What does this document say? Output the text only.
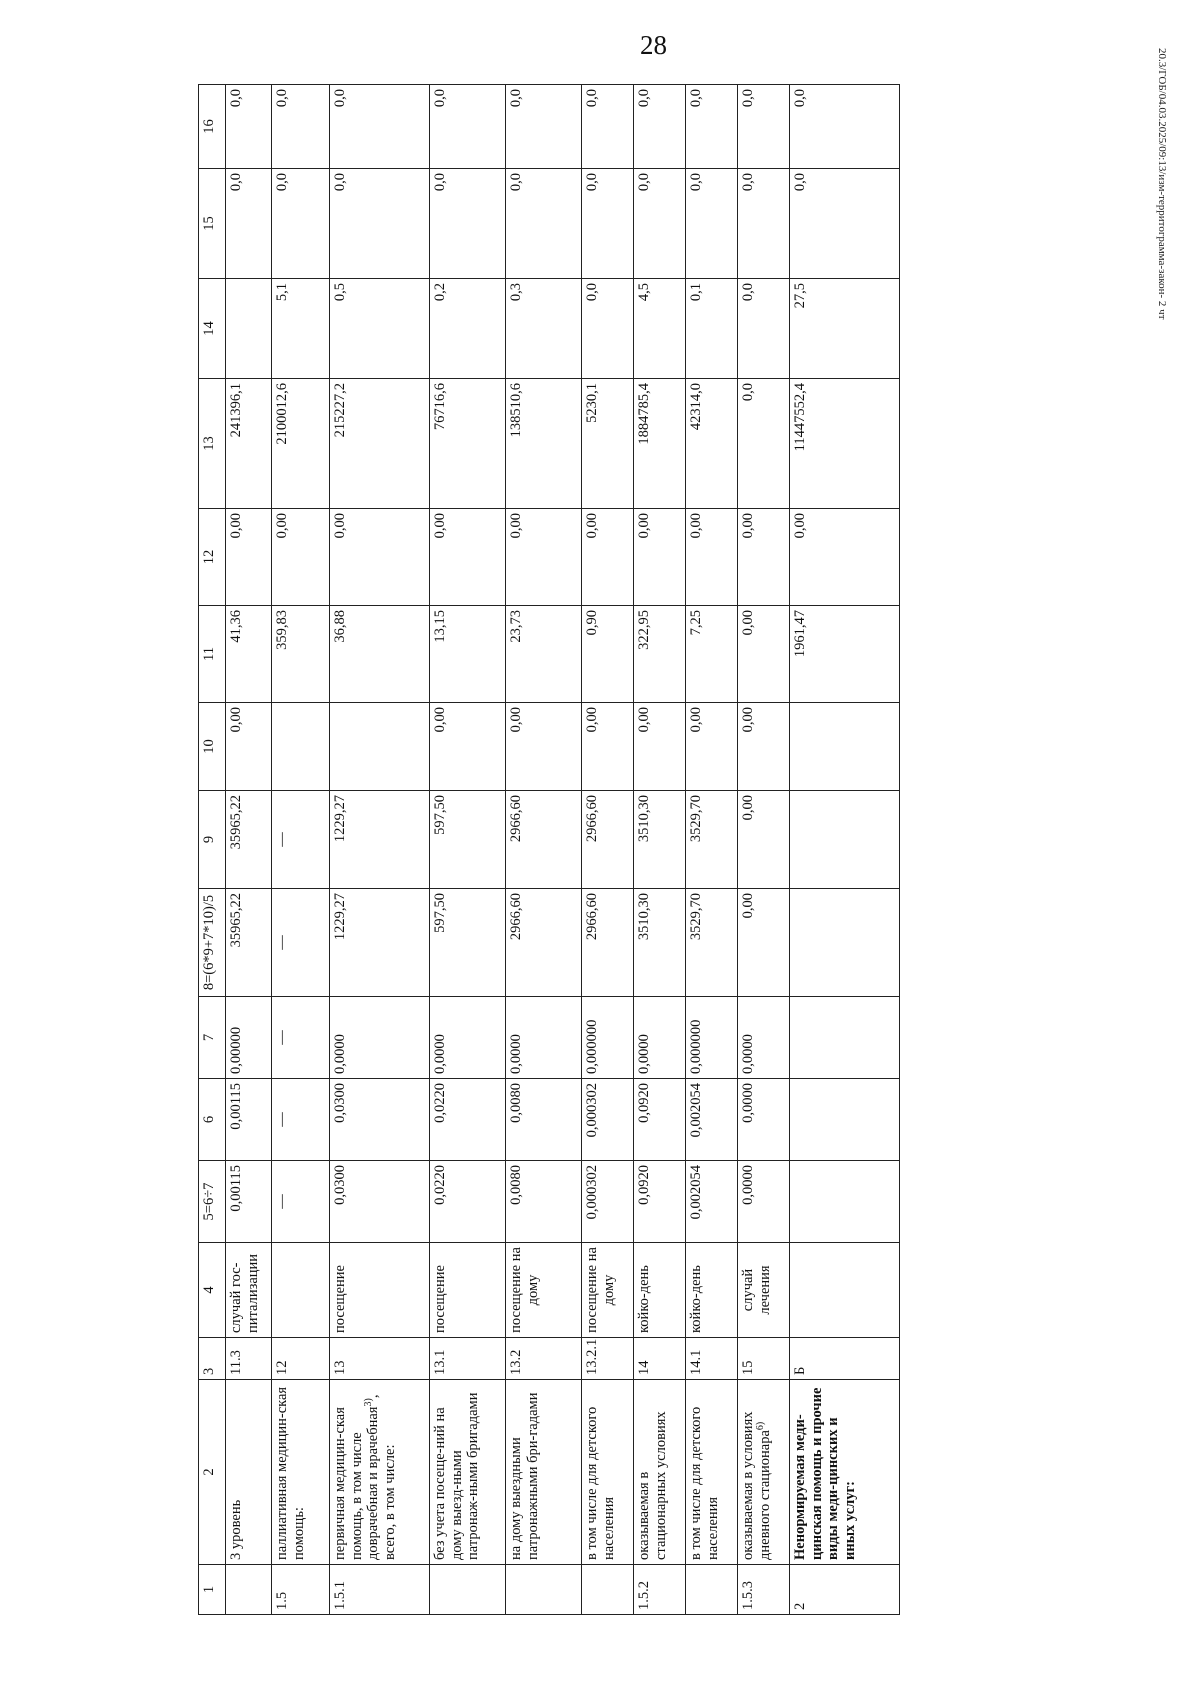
28
20.3/ГОБ/04.03.2025/09:13/изм-территограмма-закон- 2 чт
1	2	3	4	5=6÷7	6	7	8=(6*9+7*10)/5	9	10	11	12	13	14	15	16
	3 уровень	11.3	случай гос-питализации	0,00115	0,00115	0,00000	35965,22	35965,22	0,00	41,36	0,00	241396,1		0,0	0,0
1.5	паллиативная медицин-ская помощь:	12		—	—	—	—	—		359,83	0,00	2100012,6	5,1	0,0	0,0
1.5.1	первичная медицин-ская помощь, в том числе доврачебная и врачебная$^{3)}$, всего, в том числе:	13	посещение	0,0300	0,0300	0,0000	1229,27	1229,27		36,88	0,00	215227,2	0,5	0,0	0,0
	без учета посеще-ний на дому выезд-ными патронаж-ными бригадами	13.1	посещение	0,0220	0,0220	0,0000	597,50	597,50	0,00	13,15	0,00	76716,6	0,2	0,0	0,0
	на дому выездными патронажными бри-гадами	13.2	посещение на дому	0,0080	0,0080	0,0000	2966,60	2966,60	0,00	23,73	0,00	138510,6	0,3	0,0	0,0
	в том числе для детского населения	13.2.1	посещение на дому	0,000302	0,000302	0,000000	2966,60	2966,60	0,00	0,90	0,00	5230,1	0,0	0,0	0,0
1.5.2	оказываемая в стационарных условиях	14	койко-день	0,0920	0,0920	0,0000	3510,30	3510,30	0,00	322,95	0,00	1884785,4	4,5	0,0	0,0
	в том числе для детского населения	14.1	койко-день	0,002054	0,002054	0,000000	3529,70	3529,70	0,00	7,25	0,00	42314,0	0,1	0,0	0,0
1.5.3	оказываемая в условиях дневного стационара$^{6)}$	15	случай лечения	0,0000	0,0000	0,0000	0,00	0,00	0,00	0,00	0,00	0,0	0,0	0,0	0,0
2	Ненормируемая меди-цинская помощь и прочие виды меди-цинских и иных услуг:	Б								1961,47	0,00	11447552,4	27,5	0,0	0,0
